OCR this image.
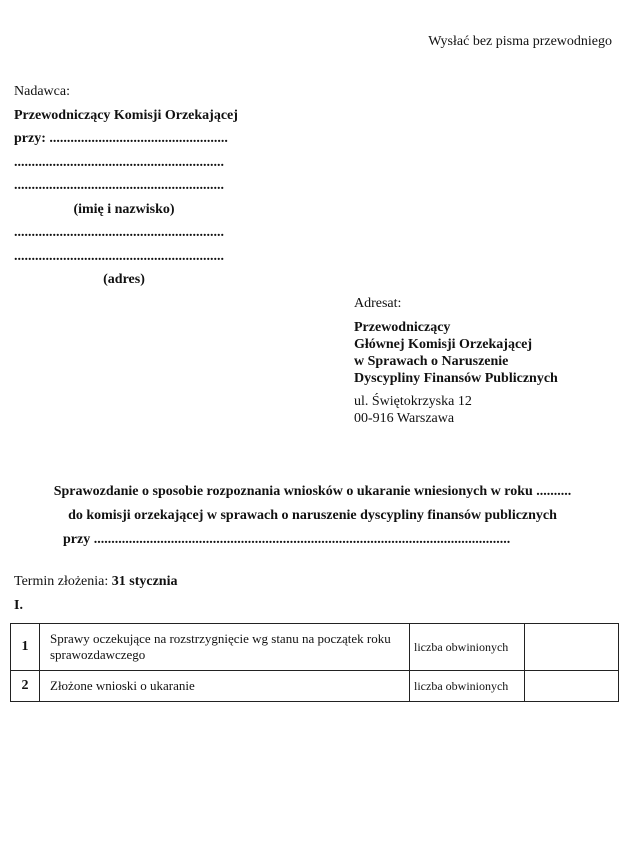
Wysłać bez pisma przewodniego
Nadawca:
Przewodniczący Komisji Orzekającej
przy: ...................................................
............................................................
............................................................
(imię i nazwisko)
............................................................
............................................................
(adres)
Adresat:
Przewodniczący
Głównej Komisji Orzekającej
w Sprawach o Naruszenie
Dyscypliny Finansów Publicznych
ul. Świętokrzyska 12
00-916 Warszawa
Sprawozdanie o sposobie rozpoznania wniosków o ukaranie wniesionych w roku ..........
do komisji orzekającej w sprawach o naruszenie dyscypliny finansów publicznych
przy .......................................................................................................................
Termin złożenia: 31 stycznia
I.
1	Sprawy oczekujące na rozstrzygnięcie wg stanu na początek roku sprawozdawczego	liczba obwinionych	
2	Złożone wnioski o ukaranie	liczba obwinionych	
